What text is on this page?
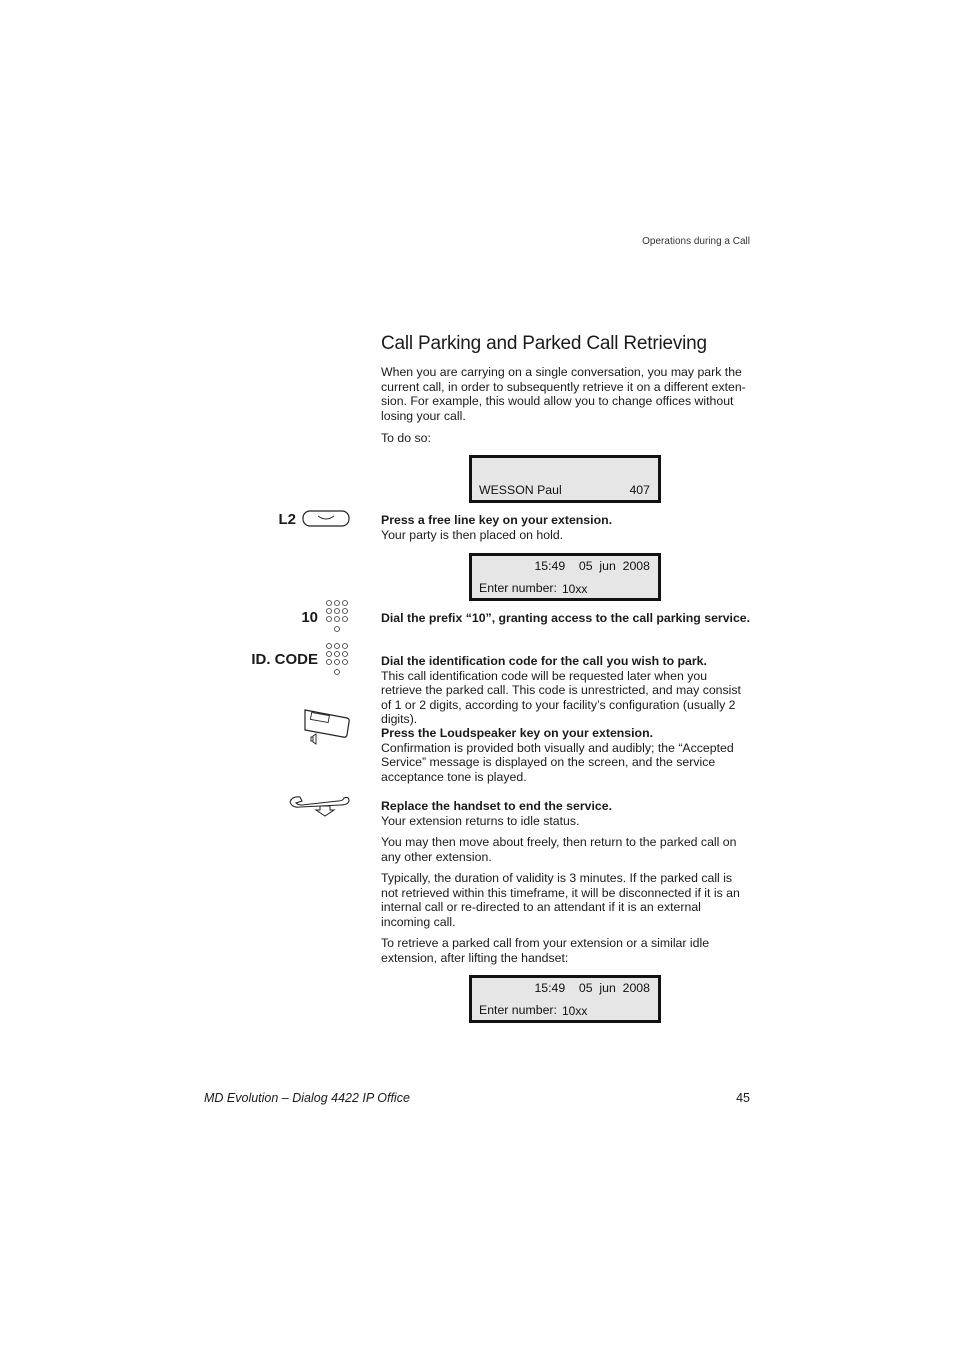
Operations during a Call
Call Parking and Parked Call Retrieving

When you are carrying on a single conversation, you may park the current call, in order to subsequently retrieve it on a different exten- sion. For example, this would allow you to change offices without losing your call.

To do so:

WESSON Paul	407
L2	Press a free line key on your extension.
Your party is then placed on hold.

15:49    05  jun  2008
Enter number: 10xx
10	Dial the prefix “10”, granting access to the call parking service.

ID. CODE	Dial the identification code for the call you wish to park.
This call identification code will be requested later when you retrieve the parked call. This code is unrestricted, and may consist of 1 or 2 digits, according to your facility’s configuration (usually 2 digits).

Press the Loudspeaker key on your extension.
Confirmation is provided both visually and audibly; the “Accepted Service” message is displayed on the screen, and the service acceptance tone is played.

Replace the handset to end the service.
Your extension returns to idle status.

You may then move about freely, then return to the parked call on any other extension.

Typically, the duration of validity is 3 minutes. If the parked call is not retrieved within this timeframe, it will be disconnected if it is an internal call or re-directed to an attendant if it is an external incoming call.

To retrieve a parked call from your extension or a similar idle extension, after lifting the handset:

15:49    05  jun  2008
Enter number: 10xx
MD Evolution – Dialog 4422 IP Office	45
